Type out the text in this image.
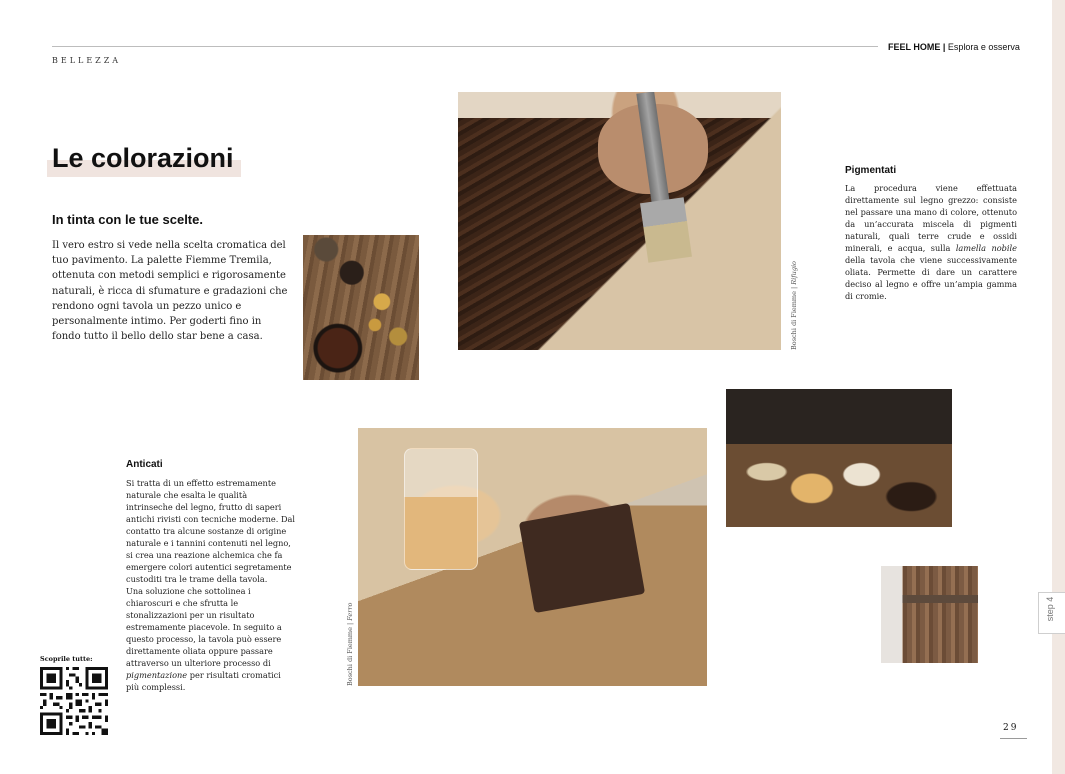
BELLEZZA
FEEL HOME | Esplora e osserva
step 4
Le colorazioni
In tinta con le tue scelte.
Il vero estro si vede nella scelta cromatica del tuo pavimento. La palette Fiemme Tremila, ottenuta con metodi semplici e rigorosamente naturali, è ricca di sfumature e gradazioni che rendono ogni tavola un pezzo unico e personalmente intimo. Per goderti fino in fondo tutto il bello dello star bene a casa.
Pigmentati
La procedura viene effettuata direttamente sul legno grezzo: consiste nel passare una mano di colore, ottenuto da un’accurata miscela di pigmenti naturali, quali terre crude e ossidi minerali, e acqua, sulla lamella nobile della tavola che viene successivamente oliata. Permette di dare un carattere deciso al legno e offre un’ampia gamma di cromie.
Anticati
Si tratta di un effetto estremamente naturale che esalta le qualità intrinseche del legno, frutto di saperi antichi rivisti con tecniche moderne. Dal contatto tra alcune sostanze di origine naturale e i tannini contenuti nel legno, si crea una reazione alchemica che fa emergere colori autentici segretamente custoditi tra le trame della tavola.
Una soluzione che sottolinea i chiaroscuri e che sfrutta le stonalizzazioni per un risultato estremamente piacevole. In seguito a questo processo, la tavola può essere direttamente oliata oppure passare attraverso un ulteriore processo di pigmentazione per risultati cromatici più complessi.
Boschi di Fiemme | Rifugio
Boschi di Fiemme | Ferro
Scoprile tutte:
29
